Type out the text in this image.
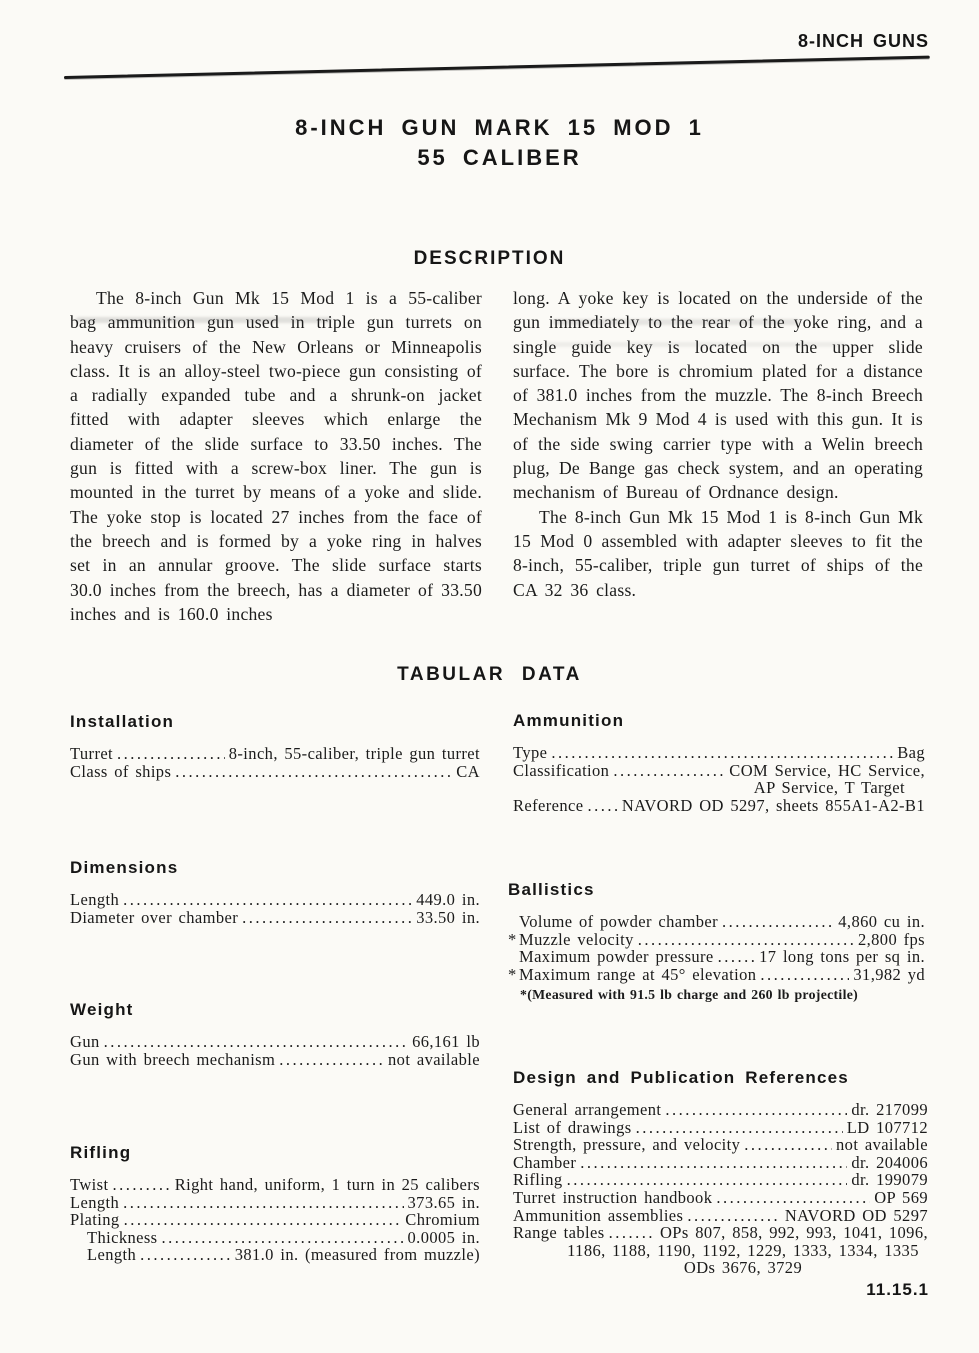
8-INCH GUNS
8-INCH GUN MARK 15 MOD 1
55 CALIBER
DESCRIPTION

The 8-inch Gun Mk 15 Mod 1 is a 55-caliber bag ammunition gun used in triple gun turrets on heavy cruisers of the New Orleans or Minneapolis class. It is an alloy-steel two-piece gun consisting of a radially expanded tube and a shrunk-on jacket fitted with adapter sleeves which enlarge the diameter of the slide surface to 33.50 inches. The gun is fitted with a screw-box liner. The gun is mounted in the turret by means of a yoke and slide. The yoke stop is located 27 inches from the face of the breech and is formed by a yoke ring in halves set in an annular groove. The slide surface starts 30.0 inches from the breech, has a diameter of 33.50 inches and is 160.0 inches

long. A yoke key is located on the underside of the gun immediately to the rear of the yoke ring, and a single guide key is located on the upper slide surface. The bore is chromium plated for a distance of 381.0 inches from the muzzle. The 8-inch Breech Mechanism Mk 9 Mod 4 is used with this gun. It is of the side swing carrier type with a Welin breech plug, De Bange gas check system, and an operating mechanism of Bureau of Ordnance design.

The 8-inch Gun Mk 15 Mod 1 is 8-inch Gun Mk 15 Mod 0 assembled with adapter sleeves to fit the 8-inch, 55-caliber, triple gun turret of ships of the CA 32 36 class.

TABULAR DATA
Installation
Turret .....	8-inch, 55-caliber, triple gun turret
Class of ships .....	CA
Ammunition
Type .....	Bag
Classification .....	COM Service, HC Service,
AP Service, T Target
Reference ..... NAVORD OD 5297, sheets 855A1-A2-B1
Dimensions
Length .....	449.0 in.
Diameter over chamber .....	33.50 in.
Ballistics
Volume of powder chamber .....	4,860 cu in.
* Muzzle velocity .....	2,800 fps
Maximum powder pressure .....	17 long tons per sq in.
* Maximum range at 45° elevation .....	31,982 yd
*(Measured with 91.5 lb charge and 260 lb projectile)
Weight
Gun .....	66,161 lb
Gun with breech mechanism .....	not available
Design and Publication References
General arrangement .....	dr. 217099
List of drawings .....	LD 107712
Strength, pressure, and velocity .....	not available
Chamber .....	dr. 204006
Rifling .....	dr. 199079
Turret instruction handbook .....	OP 569
Ammunition assemblies .....	NAVORD OD 5297
Range tables .....	OPs 807, 858, 992, 993, 1041, 1096,
1186, 1188, 1190, 1192, 1229, 1333, 1334, 1335
ODs 3676, 3729
Rifling
Twist .....	Right hand, uniform, 1 turn in 25 calibers
Length .....	373.65 in.
Plating .....	Chromium
Thickness .....	0.0005 in.
Length .....	381.0 in. (measured from muzzle)
11.15.1
